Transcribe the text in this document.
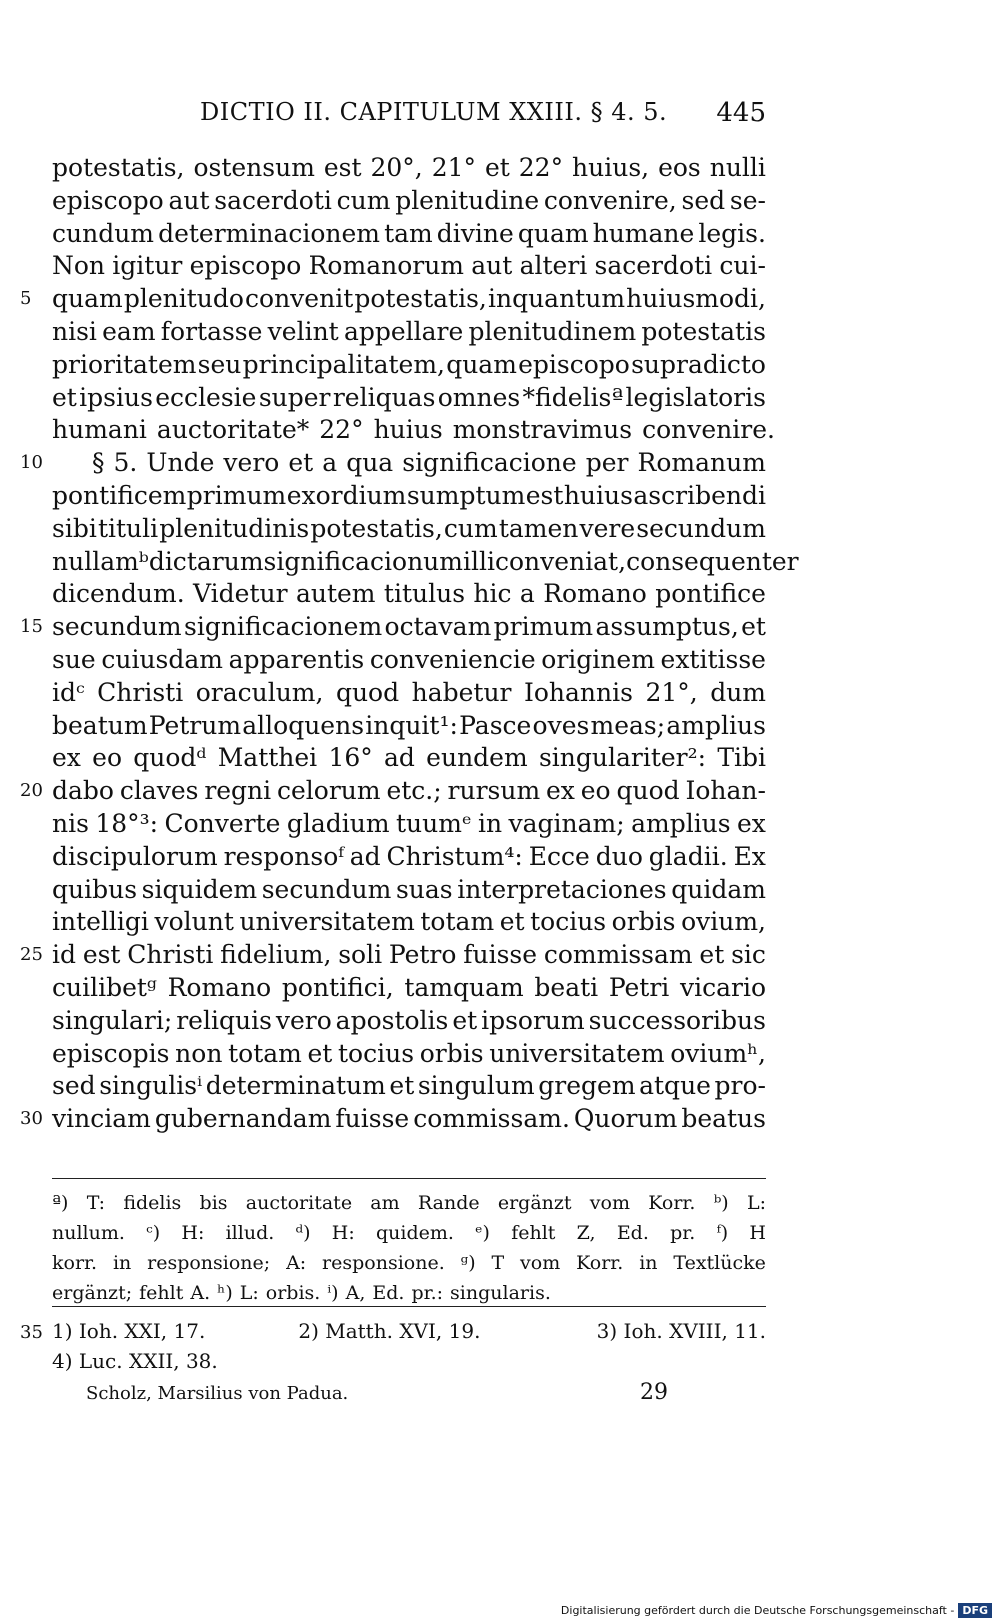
DICTIO II. CAPITULUM XXIII. § 4. 5. 445
potestatis, ostensum est 20°, 21° et 22° huius, eos nulli
episcopo aut sacerdoti cum plenitudine convenire, sed se-
cundum determinacionem tam divine quam humane legis.
Non igitur episcopo Romanorum aut alteri sacerdoti cui-
5 quam plenitudo convenit potestatis, inquantum huiusmodi,
nisi eam fortasse velint appellare plenitudinem potestatis
prioritatem seu principalitatem, quam episcopo supradicto
et ipsius ecclesie super reliquas omnes *fidelisª legislatoris
humani auctoritate* 22° huius monstravimus convenire.
10 § 5. Unde vero et a qua significacione per Romanum
pontificem primum exordium sumptum est huius ascribendi
sibi tituli plenitudinis potestatis, cum tamen vere secundum
nullamᵇ dictarum significacionum illi conveniat, consequenter
dicendum. Videtur autem titulus hic a Romano pontifice
15 secundum significacionem octavam primum assumptus, et
sue cuiusdam apparentis conveniencie originem extitisse
idᶜ Christi oraculum, quod habetur Iohannis 21°, dum
beatum Petrum alloquens inquit¹: Pasce oves meas; amplius
ex eo quodᵈ Matthei 16° ad eundem singulariter²: Tibi
20 dabo claves regni celorum etc.; rursum ex eo quod Iohan-
nis 18°³: Converte gladium tuumᵉ in vaginam; amplius ex
discipulorum responsoᶠ ad Christum⁴: Ecce duo gladii. Ex
quibus siquidem secundum suas interpretaciones quidam
intelligi volunt universitatem totam et tocius orbis ovium,
25 id est Christi fidelium, soli Petro fuisse commissam et sic
cuilibetᵍ Romano pontifici, tamquam beati Petri vicario
singulari; reliquis vero apostolis et ipsorum successoribus
episcopis non totam et tocius orbis universitatem oviumʰ,
sed singulisⁱ determinatum et singulum gregem atque pro-
30 vinciam gubernandam fuisse commissam. Quorum beatus
ª) T: fidelis bis auctoritate am Rande ergänzt vom Korr. ᵇ) L:
nullum. ᶜ) H: illud. ᵈ) H: quidem. ᵉ) fehlt Z, Ed. pr. ᶠ) H
korr. in responsione; A: responsione. ᵍ) T vom Korr. in Textlücke
ergänzt; fehlt A. ʰ) L: orbis. ⁱ) A, Ed. pr.: singularis.
35 1) Ioh. XXI, 17.	2) Matth. XVI, 19.	3) Ioh. XVIII, 11.
4) Luc. XXII, 38.
Scholz, Marsilius von Padua.	29
Digitalisierung gefördert durch die Deutsche Forschungsgemeinschaft - DFG
